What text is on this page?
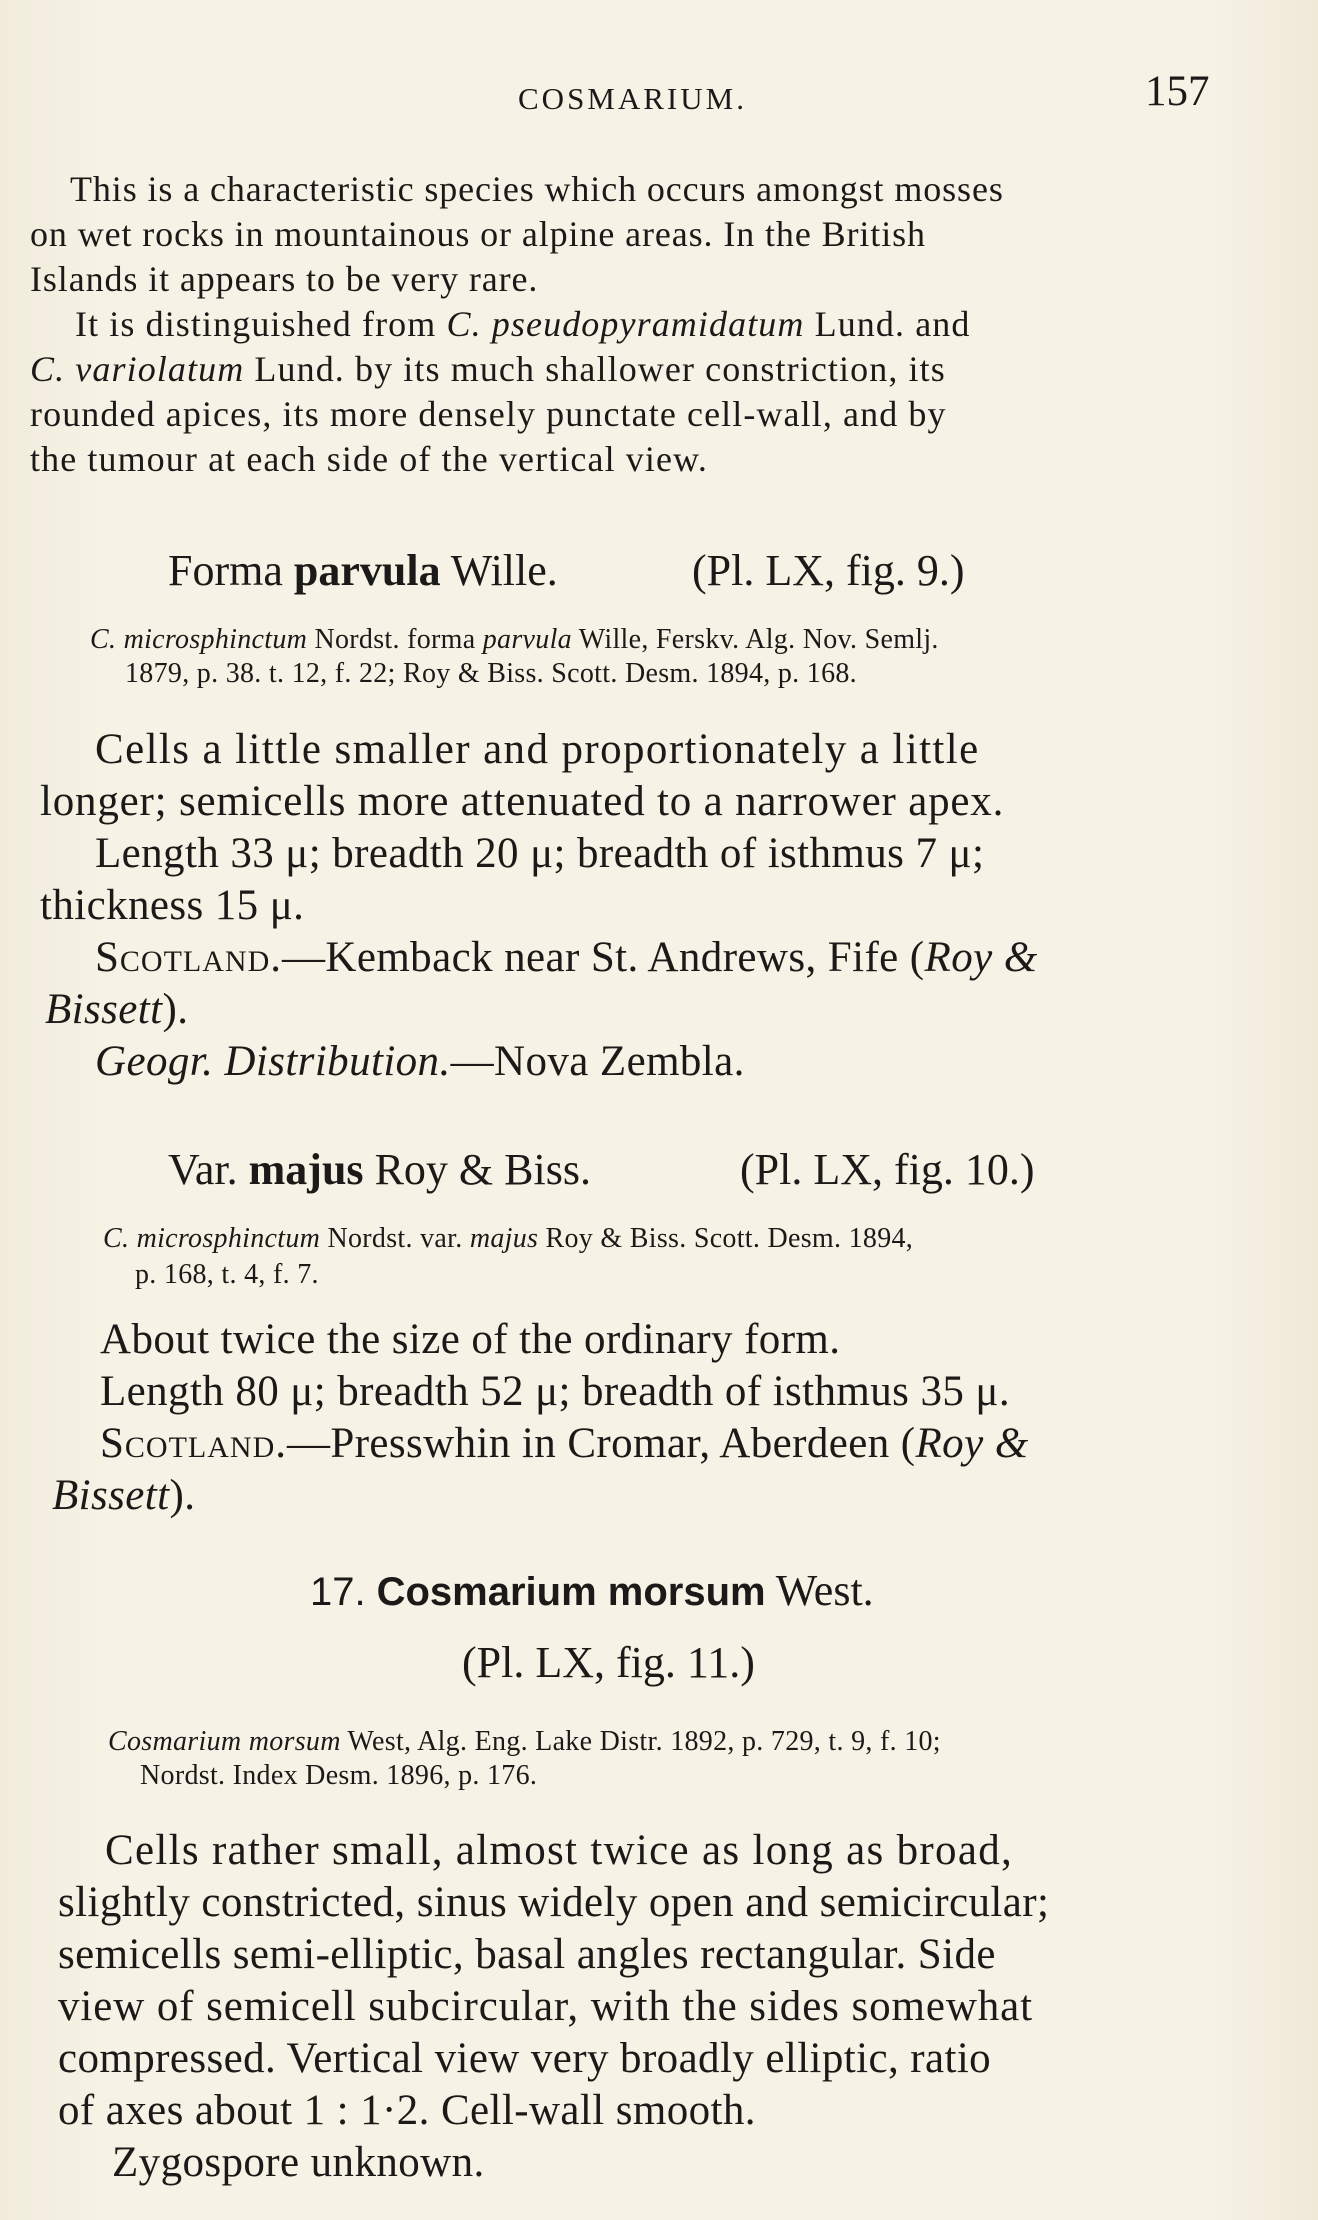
COSMARIUM.	157
This is a characteristic species which occurs amongst mosses
on wet rocks in mountainous or alpine areas. In the British
Islands it appears to be very rare.
It is distinguished from C. pseudopyramidatum Lund. and
C. variolatum Lund. by its much shallower constriction, its
rounded apices, its more densely punctate cell-wall, and by
the tumour at each side of the vertical view.
Forma parvula Wille.	(Pl. LX, fig. 9.)
C. microsphinctum Nordst. forma parvula Wille, Ferskv. Alg. Nov. Semlj.
1879, p. 38. t. 12, f. 22; Roy & Biss. Scott. Desm. 1894, p. 168.
Cells a little smaller and proportionately a little
longer; semicells more attenuated to a narrower apex.
Length 33 μ; breadth 20 μ; breadth of isthmus 7 μ;
thickness 15 μ.
Scotland.—Kemback near St. Andrews, Fife (Roy &
Bissett).
Geogr. Distribution.—Nova Zembla.
Var. majus Roy & Biss.	(Pl. LX, fig. 10.)
C. microsphinctum Nordst. var. majus Roy & Biss. Scott. Desm. 1894,
p. 168, t. 4, f. 7.
About twice the size of the ordinary form.
Length 80 μ; breadth 52 μ; breadth of isthmus 35 μ.
Scotland.—Presswhin in Cromar, Aberdeen (Roy &
Bissett).
17. Cosmarium morsum West.
(Pl. LX, fig. 11.)
Cosmarium morsum West, Alg. Eng. Lake Distr. 1892, p. 729, t. 9, f. 10;
Nordst. Index Desm. 1896, p. 176.
Cells rather small, almost twice as long as broad,
slightly constricted, sinus widely open and semicircular;
semicells semi-elliptic, basal angles rectangular. Side
view of semicell subcircular, with the sides somewhat
compressed. Vertical view very broadly elliptic, ratio
of axes about 1 : 1·2. Cell-wall smooth.
Zygospore unknown.
